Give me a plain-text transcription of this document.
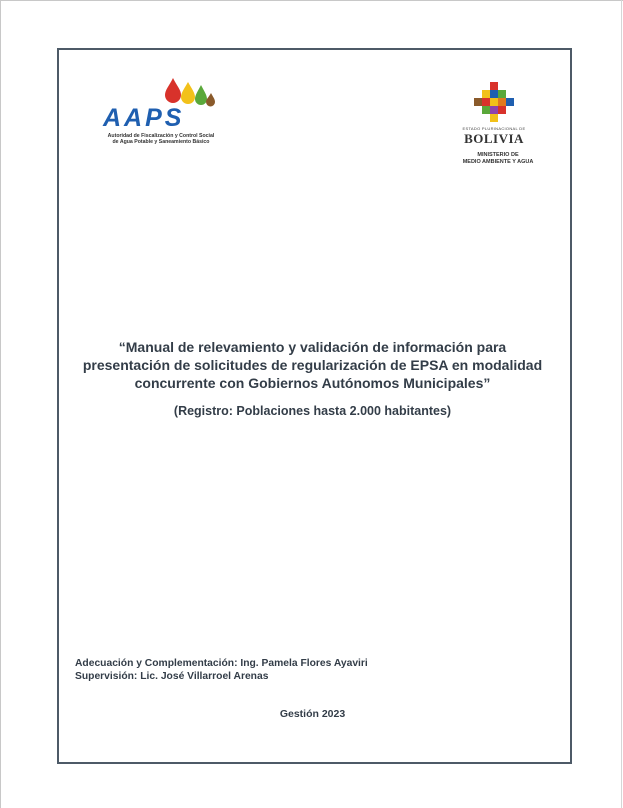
AAPS
Autoridad de Fiscalización y Control Social
de Agua Potable y Saneamiento Básico
ESTADO PLURINACIONAL DE
BOLIVIA
MINISTERIO DE
MEDIO AMBIENTE Y AGUA
“Manual de relevamiento y validación de información para
presentación de solicitudes de regularización de EPSA en modalidad
concurrente con Gobiernos Autónomos Municipales”
(Registro: Poblaciones hasta 2.000 habitantes)
Adecuación y Complementación: Ing. Pamela Flores Ayaviri
Supervisión: Lic. José Villarroel Arenas
Gestión 2023
